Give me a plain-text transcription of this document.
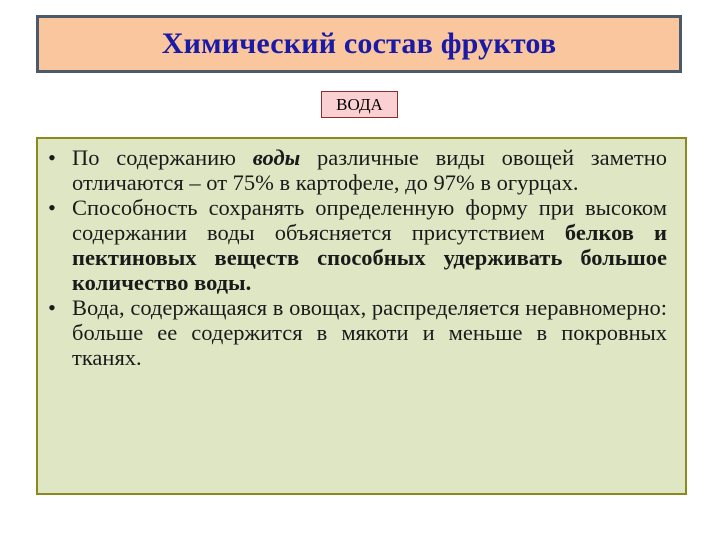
Химический состав фруктов
ВОДА
• По содержанию воды различные виды овощей заметно отличаются – от 75% в картофеле, до 97% в огурцах.
• Способность сохранять определенную форму при высоком содержании воды объясняется присутствием белков и пектиновых веществ способных удерживать большое количество воды.
• Вода, содержащаяся в овощах, распределяется неравномерно: больше ее содержится в мякоти и меньше в покровных тканях.
